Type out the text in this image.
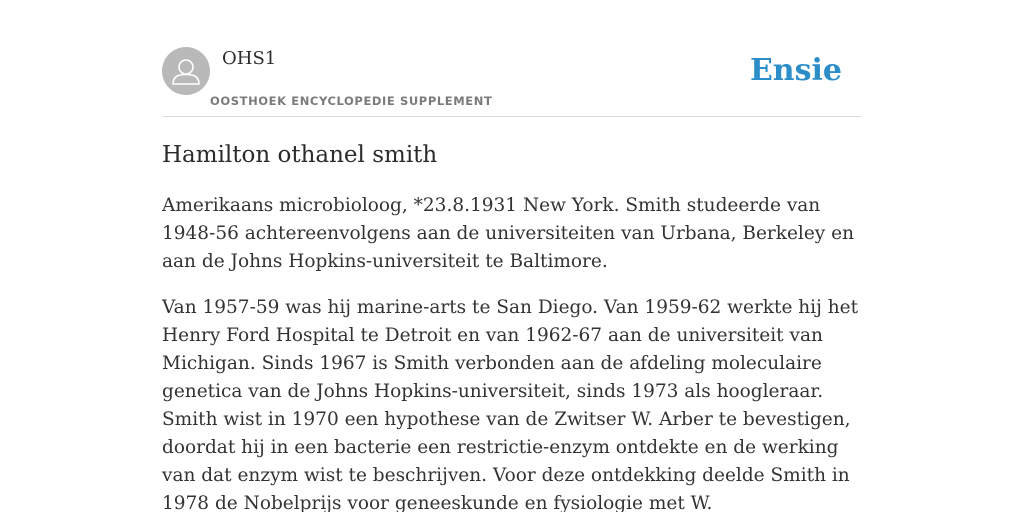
OHS1
OOSTHOEK ENCYCLOPEDIE SUPPLEMENT
Ensie
Hamilton othanel smith

Amerikaans microbioloog, *23.8.1931 New York. Smith studeerde van 1948-56 achtereenvolgens aan de universiteiten van Urbana, Berkeley en aan de Johns Hopkins-universiteit te Baltimore.

Van 1957-59 was hij marine-arts te San Diego. Van 1959-62 werkte hij het Henry Ford Hospital te Detroit en van 1962-67 aan de universiteit van Michigan. Sinds 1967 is Smith verbonden aan de afdeling moleculaire genetica van de Johns Hopkins-universiteit, sinds 1973 als hoogleraar. Smith wist in 1970 een hypothese van de Zwitser W. Arber te bevestigen, doordat hij in een bacterie een restrictie-enzym ontdekte en de werking van dat enzym wist te beschrijven. Voor deze ontdekking deelde Smith in 1978 de Nobelprijs voor geneeskunde en fysiologie met W.
